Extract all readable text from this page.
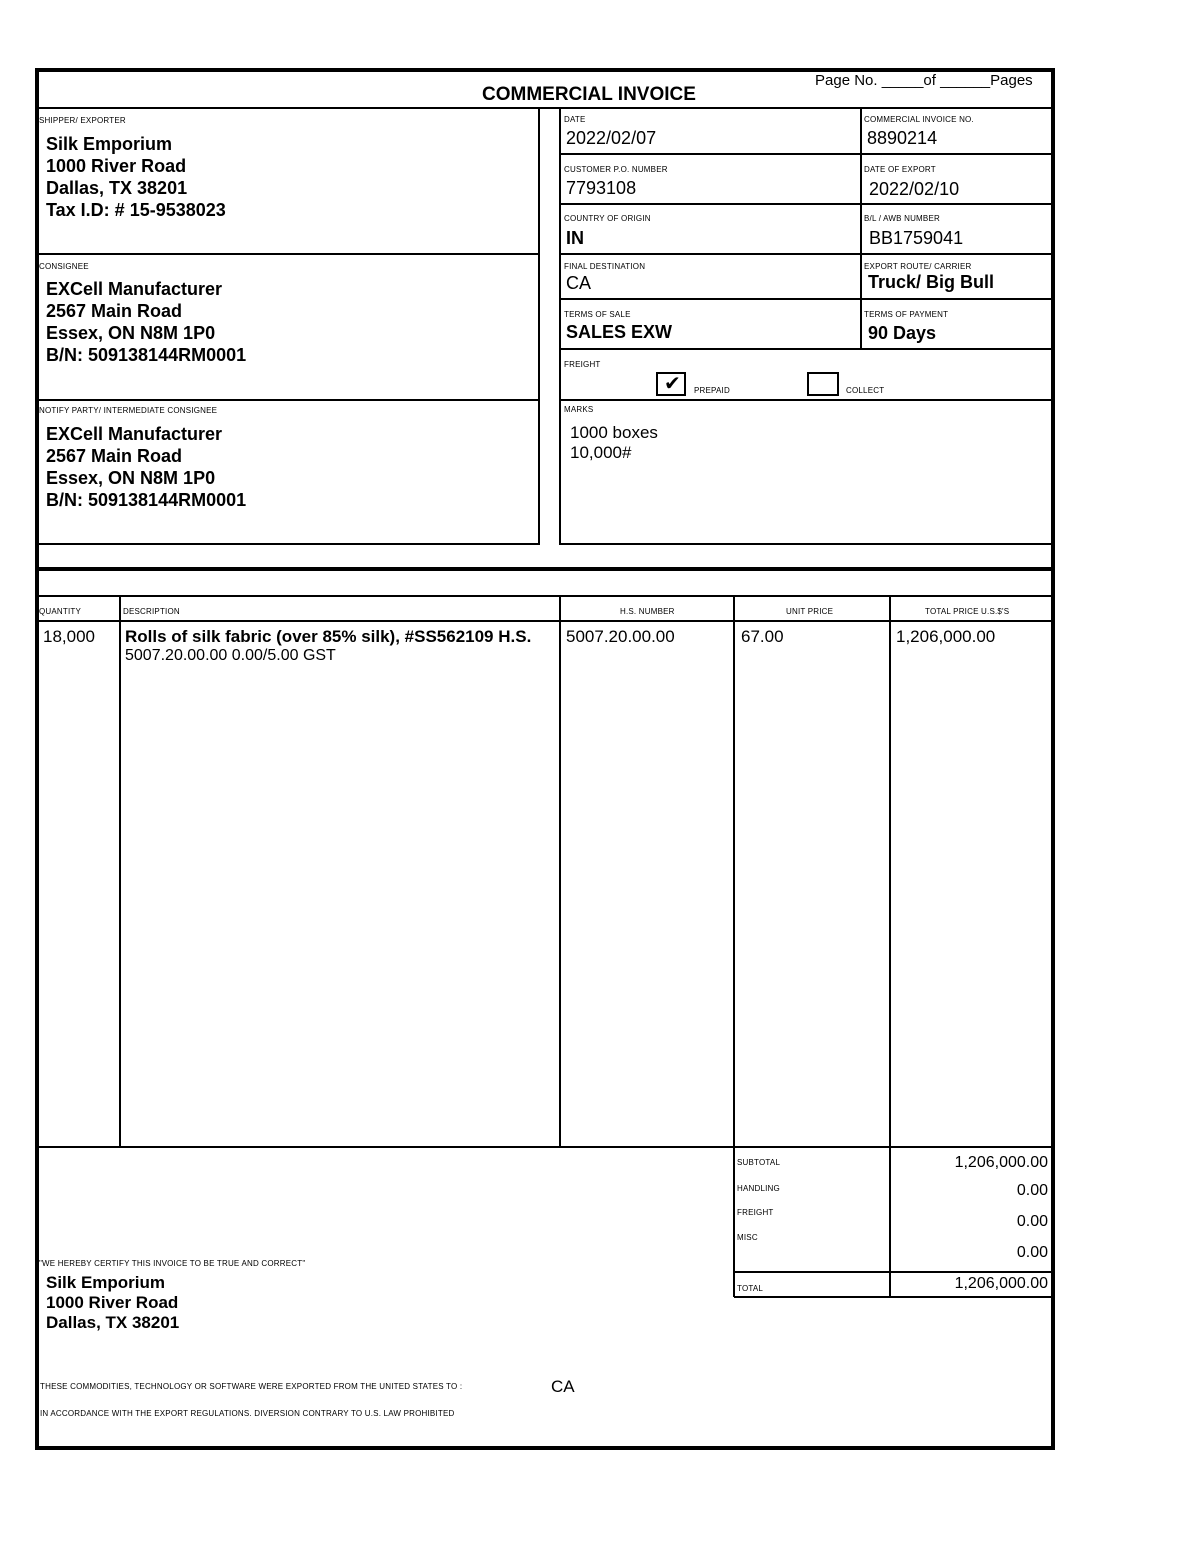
COMMERCIAL INVOICE
Page No. _____of ______Pages
SHIPPER/ EXPORTER
Silk Emporium
1000 River Road
Dallas, TX 38201
Tax I.D: # 15-9538023
CONSIGNEE
EXCell Manufacturer
2567 Main Road
Essex, ON N8M 1P0
B/N: 509138144RM0001
NOTIFY PARTY/ INTERMEDIATE CONSIGNEE
EXCell Manufacturer
2567 Main Road
Essex, ON N8M 1P0
B/N: 509138144RM0001
DATE
2022/02/07
COMMERCIAL INVOICE NO.
8890214
CUSTOMER P.O. NUMBER
7793108
DATE OF EXPORT
2022/02/10
COUNTRY OF ORIGIN
IN
B/L / AWB NUMBER
BB1759041
FINAL DESTINATION
CA
EXPORT ROUTE/ CARRIER
Truck/ Big Bull
TERMS OF SALE
SALES EXW
TERMS OF PAYMENT
90 Days
FREIGHT
✔ PREPAID	COLLECT
MARKS
1000 boxes
10,000#
QUANTITY	DESCRIPTION	H.S. NUMBER	UNIT PRICE	TOTAL PRICE U.S.$'S
18,000 Rolls of silk fabric (over 85% silk), #SS562109 H.S.
5007.20.00.00 0.00/5.00 GST
5007.20.00.00	67.00	1,206,000.00
SUBTOTAL	1,206,000.00
HANDLING	0.00
FREIGHT
0.00
MISC
0.00
TOTAL	1,206,000.00
"WE HEREBY CERTIFY THIS INVOICE TO BE TRUE AND CORRECT"
Silk Emporium
1000 River Road
Dallas, TX 38201
THESE COMMODITIES, TECHNOLOGY OR SOFTWARE WERE EXPORTED FROM THE UNITED STATES TO :	CA
IN ACCORDANCE WITH THE EXPORT REGULATIONS. DIVERSION CONTRARY TO U.S. LAW PROHIBITED
